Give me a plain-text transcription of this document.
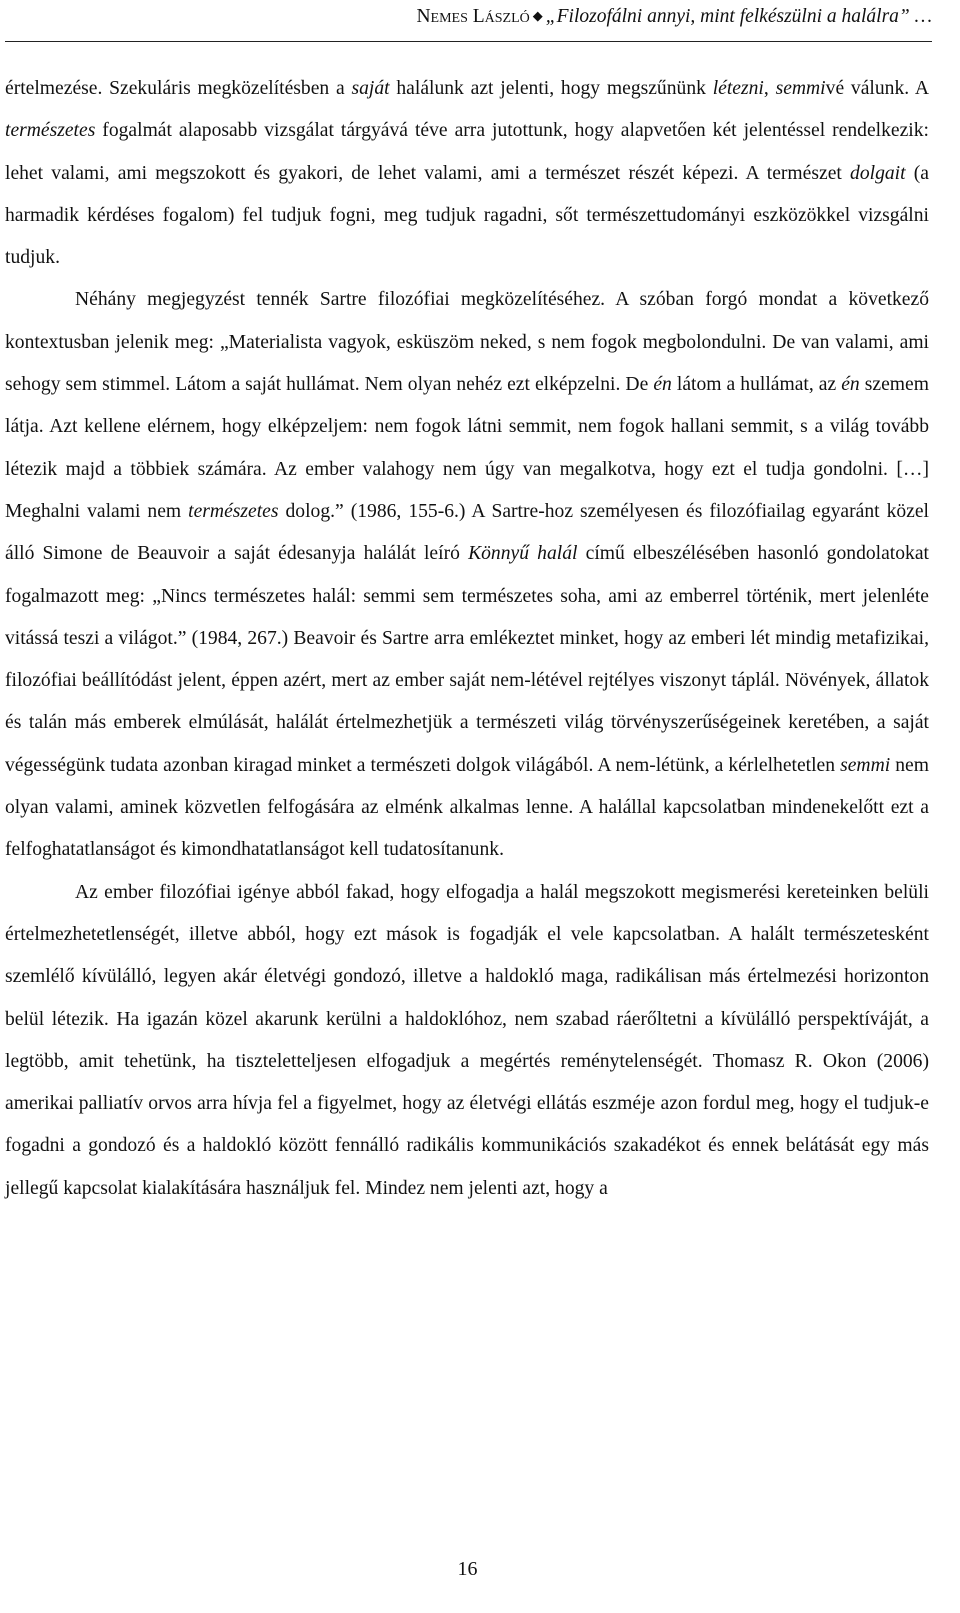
Nemes László ◆ „Filozofálni annyi, mint felkészülni a halálra” …

értelmezése. Szekuláris megközelítésben a saját halálunk azt jelenti, hogy megszűnünk létezni, semmivé válunk. A természetes fogalmát alaposabb vizsgálat tárgyává téve arra jutottunk, hogy alapvetően két jelentéssel rendelkezik: lehet valami, ami megszokott és gyakori, de lehet valami, ami a természet részét képezi. A természet dolgait (a harmadik kérdéses fogalom) fel tudjuk fogni, meg tudjuk ragadni, sőt természettudományi eszközökkel vizsgálni tudjuk.

Néhány megjegyzést tennék Sartre filozófiai megközelítéséhez. A szóban forgó mondat a következő kontextusban jelenik meg: „Materialista vagyok, esküszöm neked, s nem fogok megbolondulni. De van valami, ami sehogy sem stimmel. Látom a saját hullámat. Nem olyan nehéz ezt elképzelni. De én látom a hullámat, az én szemem látja. Azt kellene elérnem, hogy elképzeljem: nem fogok látni semmit, nem fogok hallani semmit, s a világ tovább létezik majd a többiek számára. Az ember valahogy nem úgy van megalkotva, hogy ezt el tudja gondolni. […] Meghalni valami nem természetes dolog.” (1986, 155-6.) A Sartre-hoz személyesen és filozófiailag egyaránt közel álló Simone de Beauvoir a saját édesanyja halálát leíró Könnyű halál című elbeszélésében hasonló gondolatokat fogalmazott meg: „Nincs természetes halál: semmi sem természetes soha, ami az emberrel történik, mert jelenléte vitássá teszi a világot.” (1984, 267.) Beavoir és Sartre arra emlékeztet minket, hogy az emberi lét mindig metafizikai, filozófiai beállítódást jelent, éppen azért, mert az ember saját nem-létével rejtélyes viszonyt táplál. Növények, állatok és talán más emberek elmúlását, halálát értelmezhetjük a természeti világ törvényszerűségeinek keretében, a saját végességünk tudata azonban kiragad minket a természeti dolgok világából. A nem-létünk, a kérlelhetetlen semmi nem olyan valami, aminek közvetlen felfogására az elménk alkalmas lenne. A halállal kapcsolatban mindenekelőtt ezt a felfoghatatlanságot és kimondhatatlanságot kell tudatosítanunk.

Az ember filozófiai igénye abból fakad, hogy elfogadja a halál megszokott megismerési kereteinken belüli értelmezhetetlenségét, illetve abból, hogy ezt mások is fogadják el vele kapcsolatban. A halált természetesként szemlélő kívülálló, legyen akár életvégi gondozó, illetve a haldokló maga, radikálisan más értelmezési horizonton belül létezik. Ha igazán közel akarunk kerülni a haldoklóhoz, nem szabad ráerőltetni a kívülálló perspektíváját, a legtöbb, amit tehetünk, ha tiszteletteljesen elfogadjuk a megértés reménytelenségét. Thomasz R. Okon (2006) amerikai palliatív orvos arra hívja fel a figyelmet, hogy az életvégi ellátás eszméje azon fordul meg, hogy el tudjuk-e fogadni a gondozó és a haldokló között fennálló radikális kommunikációs szakadékot és ennek belátását egy más jellegű kapcsolat kialakítására használjuk fel. Mindez nem jelenti azt, hogy a

16
